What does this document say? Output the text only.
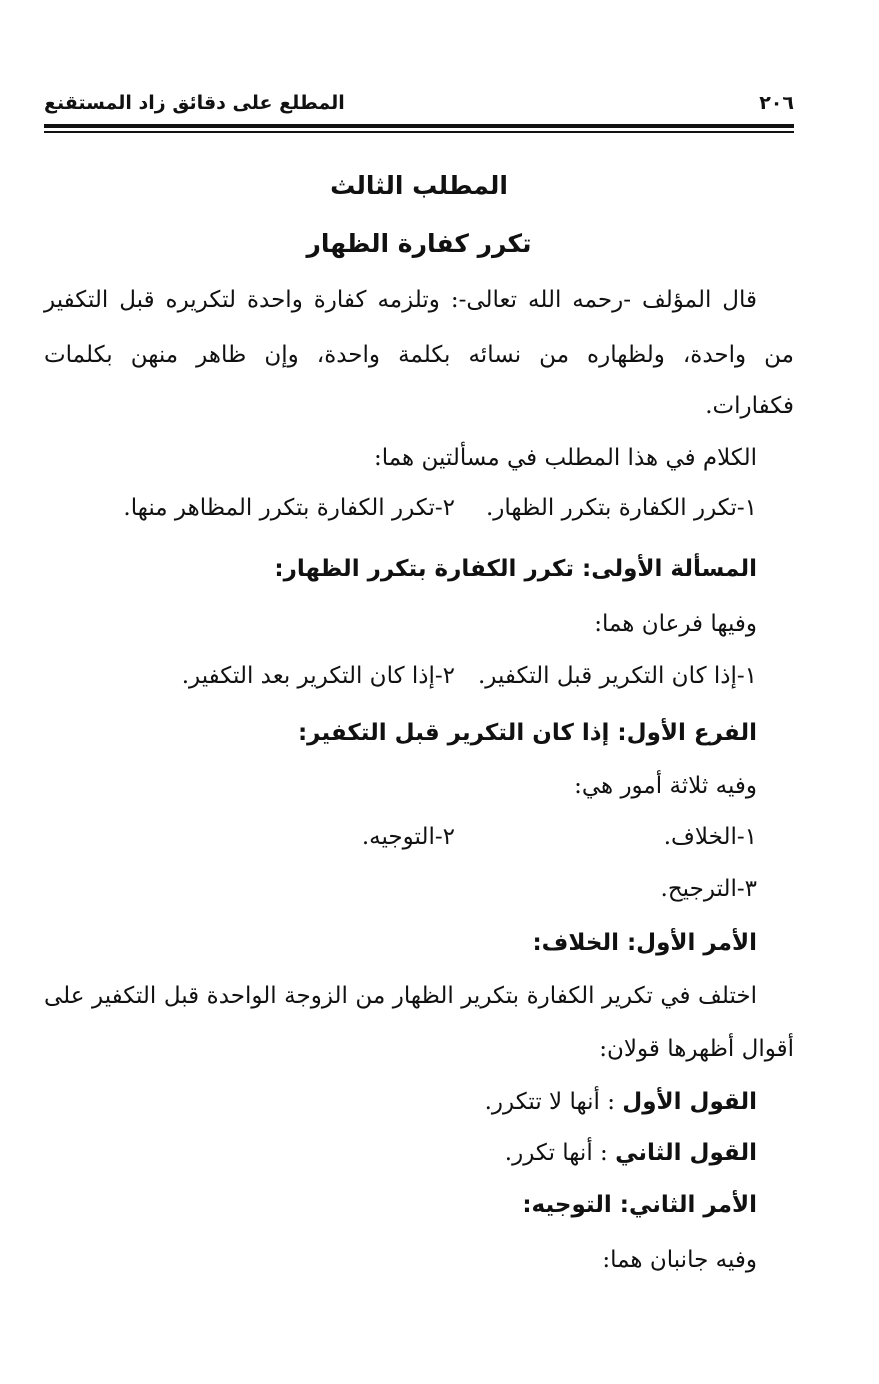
٢٠٦
المطلع على دقائق زاد المستقنع
المطلب الثالث
تكرر كفارة الظهار
قال المؤلف -رحمه الله تعالى-: وتلزمه كفارة واحدة لتكريره قبل التكفير
من واحدة، ولظهاره من نسائه بكلمة واحدة، وإن ظاهر منهن بكلمات
فكفارات.
الكلام في هذا المطلب في مسألتين هما:
١-تكرر الكفارة بتكرر الظهار.
٢-تكرر الكفارة بتكرر المظاهر منها.
المسألة الأولى: تكرر الكفارة بتكرر الظهار:
وفيها فرعان هما:
١-إذا كان التكرير قبل التكفير.
٢-إذا كان التكرير بعد التكفير.
الفرع الأول: إذا كان التكرير قبل التكفير:
وفيه ثلاثة أمور هي:
١-الخلاف.
٢-التوجيه.
٣-الترجيح.
الأمر الأول: الخلاف:
اختلف في تكرير الكفارة بتكرير الظهار من الزوجة الواحدة قبل التكفير على
أقوال أظهرها قولان:
القول الأول : أنها لا تتكرر.
القول الثاني : أنها تكرر.
الأمر الثاني: التوجيه:
وفيه جانبان هما:
